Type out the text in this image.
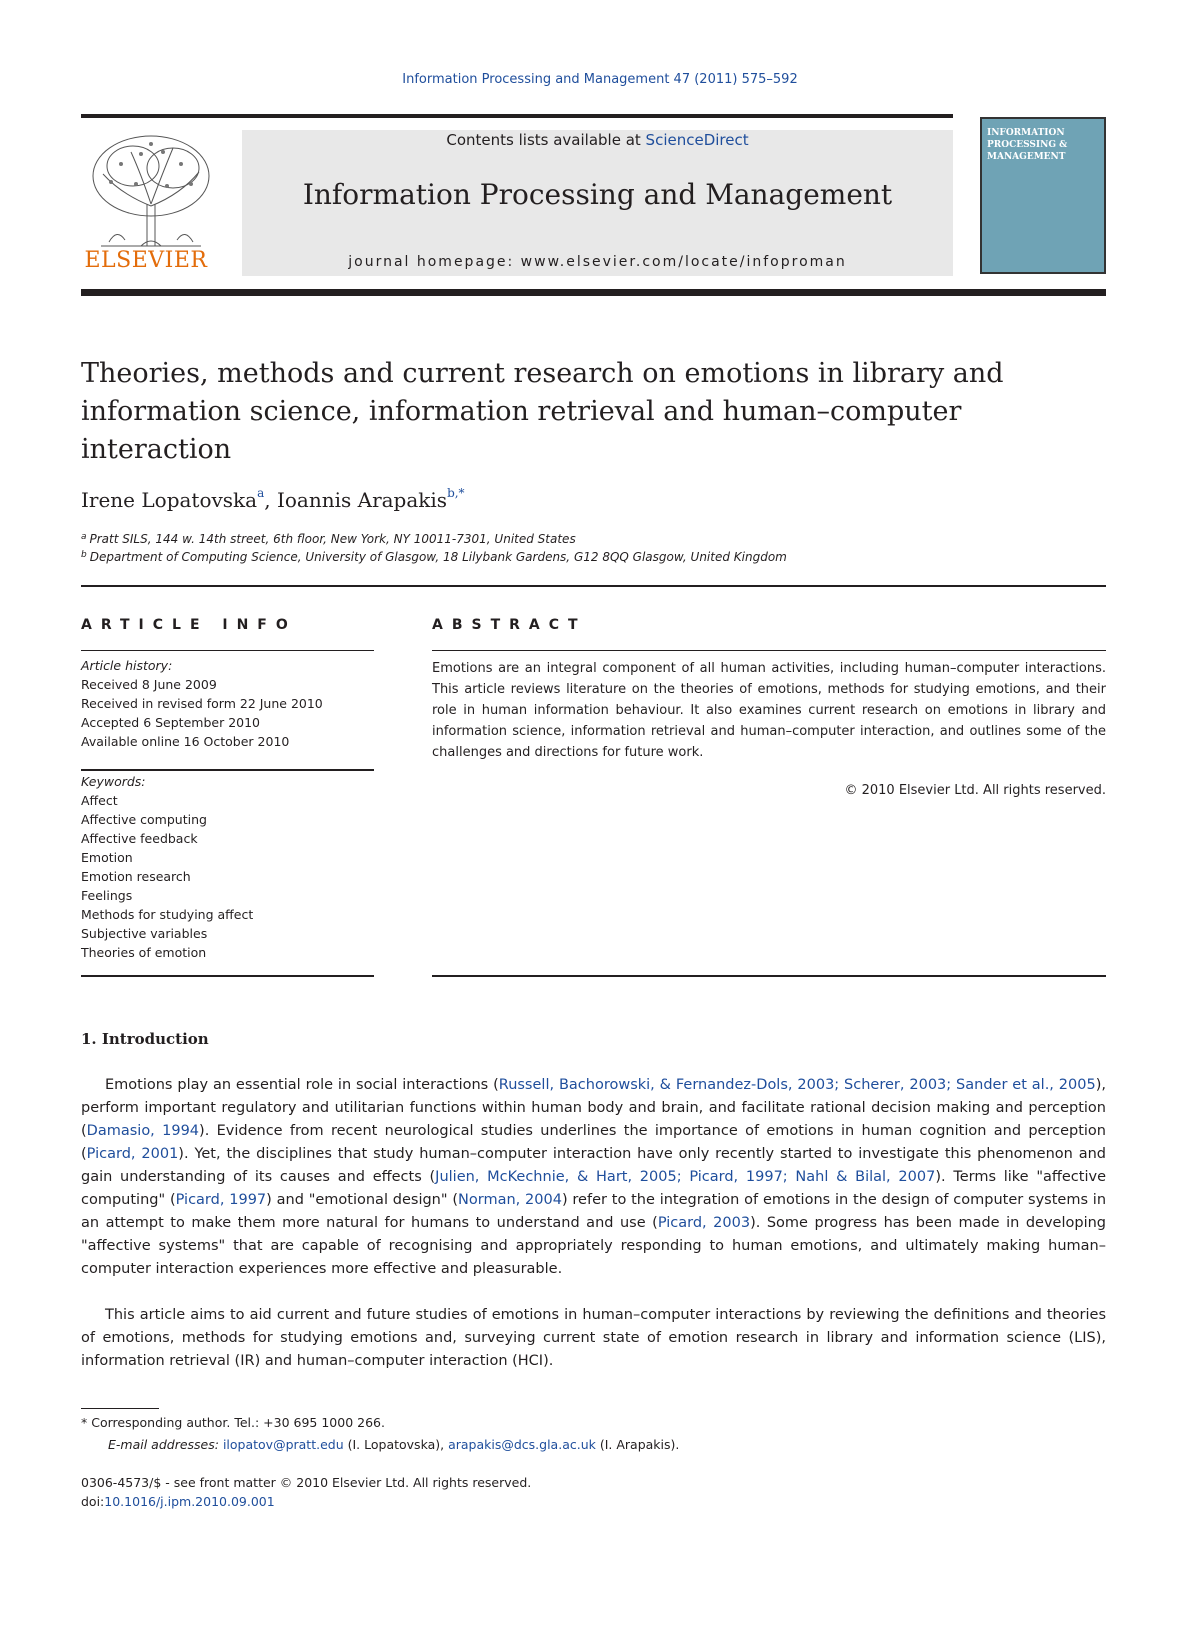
Information Processing and Management 47 (2011) 575–592
ELSEVIER
Contents lists available at ScienceDirect
Information Processing and Management
journal homepage: www.elsevier.com/locate/infoproman
INFORMATION PROCESSING & MANAGEMENT
Theories, methods and current research on emotions in library and information science, information retrieval and human–computer interaction
Irene Lopatovska$^a$, Ioannis Arapakis$^{b,*}$
$^a$ Pratt SILS, 144 w. 14th street, 6th floor, New York, NY 10011-7301, United States
$^b$ Department of Computing Science, University of Glasgow, 18 Lilybank Gardens, G12 8QQ Glasgow, United Kingdom
ARTICLE INFO
Article history:
Received 8 June 2009
Received in revised form 22 June 2010
Accepted 6 September 2010
Available online 16 October 2010
Keywords:
Affect
Affective computing
Affective feedback
Emotion
Emotion research
Feelings
Methods for studying affect
Subjective variables
Theories of emotion
ABSTRACT
Emotions are an integral component of all human activities, including human–computer interactions. This article reviews literature on the theories of emotions, methods for studying emotions, and their role in human information behaviour. It also examines current research on emotions in library and information science, information retrieval and human–computer interaction, and outlines some of the challenges and directions for future work.
© 2010 Elsevier Ltd. All rights reserved.
1. Introduction

Emotions play an essential role in social interactions (Russell, Bachorowski, & Fernandez-Dols, 2003; Scherer, 2003; Sander et al., 2005), perform important regulatory and utilitarian functions within human body and brain, and facilitate rational decision making and perception (Damasio, 1994). Evidence from recent neurological studies underlines the importance of emotions in human cognition and perception (Picard, 2001). Yet, the disciplines that study human–computer interaction have only recently started to investigate this phenomenon and gain understanding of its causes and effects (Julien, McKechnie, & Hart, 2005; Picard, 1997; Nahl & Bilal, 2007). Terms like "affective computing" (Picard, 1997) and "emotional design" (Norman, 2004) refer to the integration of emotions in the design of computer systems in an attempt to make them more natural for humans to understand and use (Picard, 2003). Some progress has been made in developing "affective systems" that are capable of recognising and appropriately responding to human emotions, and ultimately making human–computer interaction experiences more effective and pleasurable.

This article aims to aid current and future studies of emotions in human–computer interactions by reviewing the definitions and theories of emotions, methods for studying emotions and, surveying current state of emotion research in library and information science (LIS), information retrieval (IR) and human–computer interaction (HCI).

* Corresponding author. Tel.: +30 695 1000 266.
E-mail addresses: ilopatov@pratt.edu (I. Lopatovska), arapakis@dcs.gla.ac.uk (I. Arapakis).
0306-4573/$ - see front matter © 2010 Elsevier Ltd. All rights reserved.
doi:10.1016/j.ipm.2010.09.001
